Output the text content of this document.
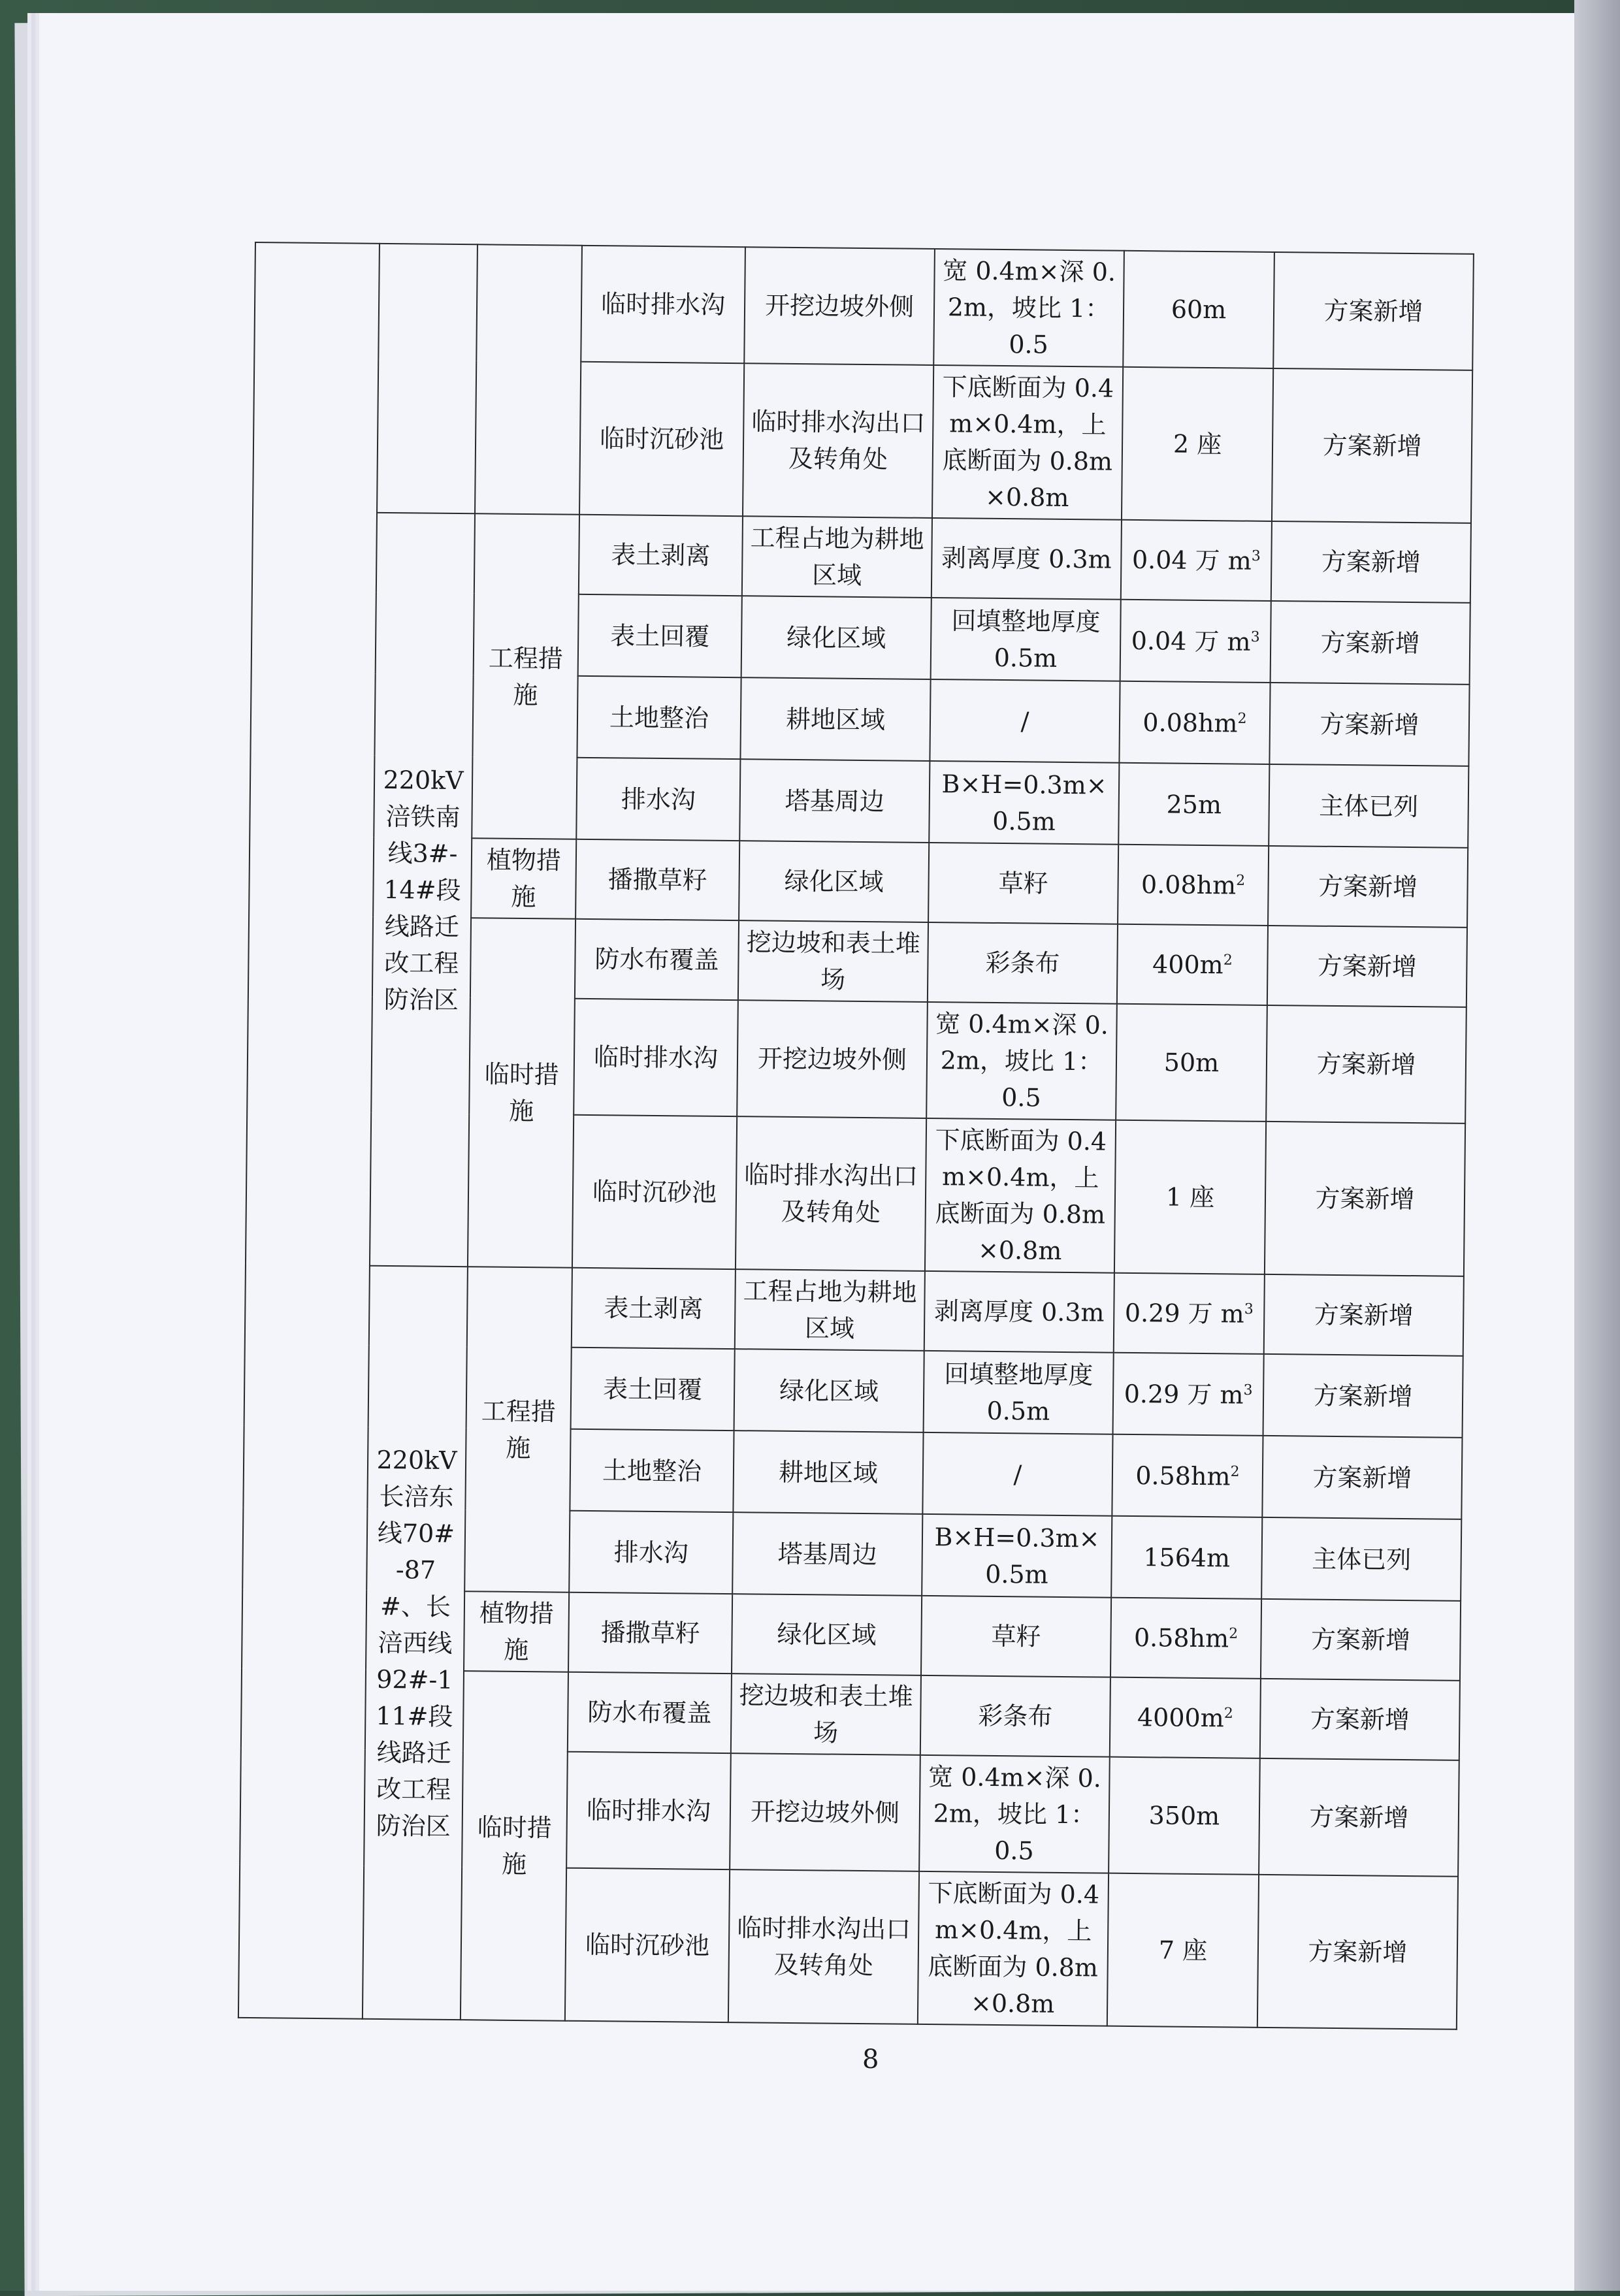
			临时排水沟	开挖边坡外侧	宽 0.4m×深 0.2m，坡比 1：0.5	60m	方案新增
			临时沉砂池	临时排水沟出口及转角处	下底断面为 0.4m×0.4m，上底断面为 0.8m×0.8m	2 座	方案新增
	220kV涪铁南线3#-14#段线路迁改工程防治区	工程措施	表土剥离	工程占地为耕地区域	剥离厚度 0.3m	0.04 万 $m^3$	方案新增
			表土回覆	绿化区域	回填整地厚度 0.5m	0.04 万 $m^3$	方案新增
			土地整治	耕地区域	/	$0.08hm^2$	方案新增
			排水沟	塔基周边	B×H=0.3m×0.5m	25m	主体已列
		植物措施	播撒草籽	绿化区域	草籽	$0.08hm^2$	方案新增
		临时措施	防水布覆盖	挖边坡和表土堆场	彩条布	$400m^2$	方案新增
			临时排水沟	开挖边坡外侧	宽 0.4m×深 0.2m，坡比 1：0.5	50m	方案新增
			临时沉砂池	临时排水沟出口及转角处	下底断面为 0.4m×0.4m，上底断面为 0.8m×0.8m	1 座	方案新增
	220kV长涪东线70#-87#、长涪西线92#-111#段线路迁改工程防治区	工程措施	表土剥离	工程占地为耕地区域	剥离厚度 0.3m	0.29 万 $m^3$	方案新增
			表土回覆	绿化区域	回填整地厚度 0.5m	0.29 万 $m^3$	方案新增
			土地整治	耕地区域	/	$0.58hm^2$	方案新增
			排水沟	塔基周边	B×H=0.3m×0.5m	1564m	主体已列
		植物措施	播撒草籽	绿化区域	草籽	$0.58hm^2$	方案新增
		临时措施	防水布覆盖	挖边坡和表土堆场	彩条布	$4000m^2$	方案新增
			临时排水沟	开挖边坡外侧	宽 0.4m×深 0.2m，坡比 1：0.5	350m	方案新增
			临时沉砂池	临时排水沟出口及转角处	下底断面为 0.4m×0.4m，上底断面为 0.8m×0.8m	7 座	方案新增
8
